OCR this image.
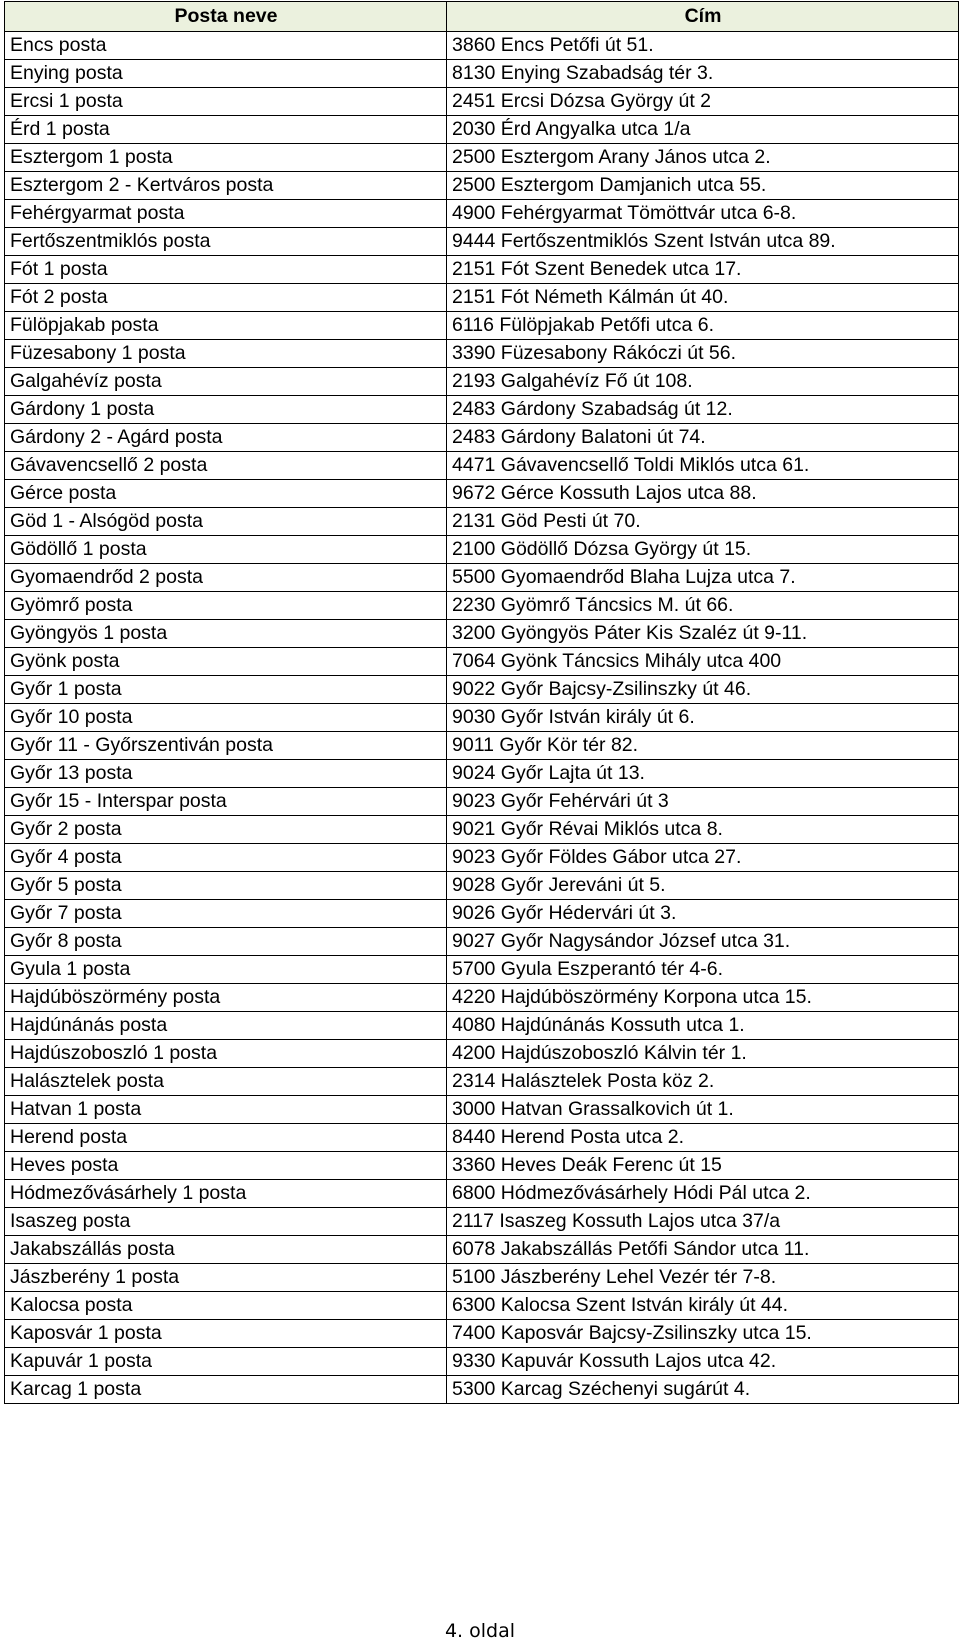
Posta neve	Cím
Encs posta	3860 Encs Petőfi út 51.
Enying posta	8130 Enying Szabadság tér 3.
Ercsi 1 posta	2451 Ercsi Dózsa György út 2
Érd 1 posta	2030 Érd Angyalka utca 1/a
Esztergom 1 posta	2500 Esztergom Arany János utca 2.
Esztergom 2 - Kertváros posta	2500 Esztergom Damjanich utca 55.
Fehérgyarmat posta	4900 Fehérgyarmat Tömöttvár utca 6-8.
Fertőszentmiklós posta	9444 Fertőszentmiklós Szent István utca 89.
Fót 1 posta	2151 Fót Szent Benedek utca 17.
Fót 2 posta	2151 Fót Németh Kálmán út 40.
Fülöpjakab posta	6116 Fülöpjakab Petőfi utca 6.
Füzesabony 1 posta	3390 Füzesabony Rákóczi út 56.
Galgahévíz posta	2193 Galgahévíz Fő út 108.
Gárdony 1 posta	2483 Gárdony Szabadság út 12.
Gárdony 2 - Agárd posta	2483 Gárdony Balatoni út 74.
Gávavencsellő 2 posta	4471 Gávavencsellő Toldi Miklós utca 61.
Gérce posta	9672 Gérce Kossuth Lajos utca 88.
Göd 1 - Alsógöd posta	2131 Göd Pesti út 70.
Gödöllő 1 posta	2100 Gödöllő Dózsa György út 15.
Gyomaendrőd 2 posta	5500 Gyomaendrőd Blaha Lujza utca 7.
Gyömrő posta	2230 Gyömrő Táncsics M. út 66.
Gyöngyös 1 posta	3200 Gyöngyös Páter Kis Szaléz út 9-11.
Gyönk posta	7064 Gyönk Táncsics Mihály utca 400
Győr 1 posta	9022 Győr Bajcsy-Zsilinszky út 46.
Győr 10 posta	9030 Győr István király út 6.
Győr 11 - Győrszentiván posta	9011 Győr Kör tér 82.
Győr 13 posta	9024 Győr Lajta út 13.
Győr 15 - Interspar posta	9023 Győr Fehérvári út 3
Győr 2 posta	9021 Győr Révai Miklós utca 8.
Győr 4 posta	9023 Győr Földes Gábor utca 27.
Győr 5 posta	9028 Győr Jereváni út 5.
Győr 7 posta	9026 Győr Hédervári út 3.
Győr 8 posta	9027 Győr Nagysándor József utca 31.
Gyula 1 posta	5700 Gyula Eszperantó tér 4-6.
Hajdúböszörmény posta	4220 Hajdúböszörmény Korpona utca 15.
Hajdúnánás posta	4080 Hajdúnánás Kossuth utca 1.
Hajdúszoboszló 1 posta	4200 Hajdúszoboszló Kálvin tér 1.
Halásztelek posta	2314 Halásztelek Posta köz 2.
Hatvan 1 posta	3000 Hatvan Grassalkovich út 1.
Herend posta	8440 Herend Posta utca 2.
Heves posta	3360 Heves Deák Ferenc út 15
Hódmezővásárhely 1 posta	6800 Hódmezővásárhely Hódi Pál utca 2.
Isaszeg posta	2117 Isaszeg Kossuth Lajos utca 37/a
Jakabszállás posta	6078 Jakabszállás Petőfi Sándor utca 11.
Jászberény 1 posta	5100 Jászberény Lehel Vezér tér 7-8.
Kalocsa posta	6300 Kalocsa Szent István király út 44.
Kaposvár 1 posta	7400 Kaposvár Bajcsy-Zsilinszky utca 15.
Kapuvár 1 posta	9330 Kapuvár Kossuth Lajos utca 42.
Karcag 1 posta	5300 Karcag Széchenyi sugárút 4.
4. oldal
